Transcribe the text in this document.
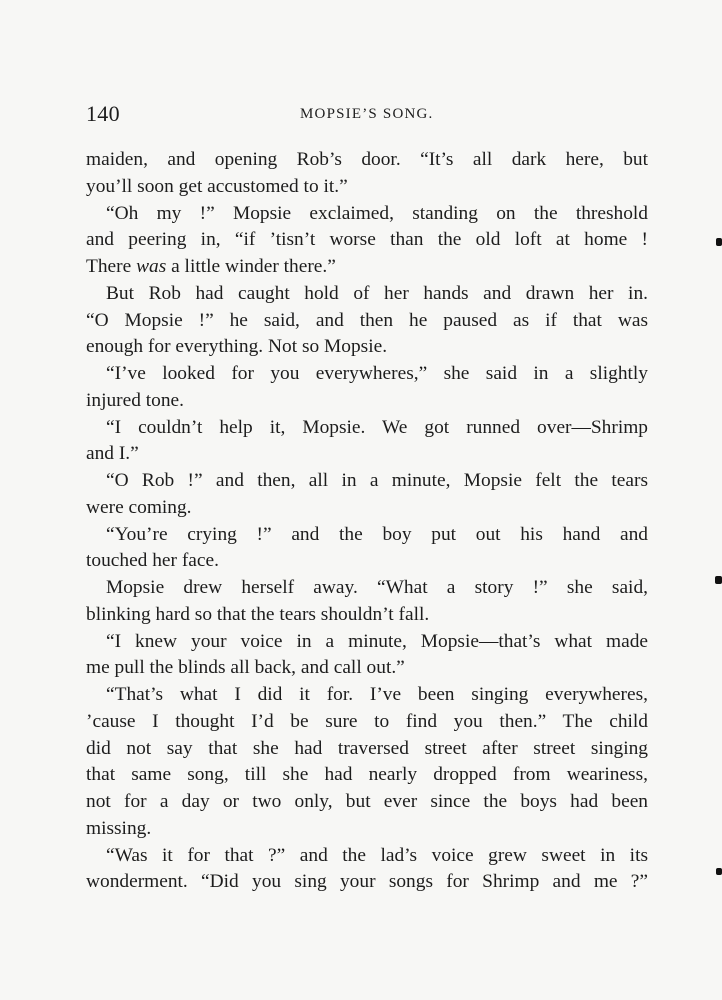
140	MOPSIE’S SONG.
maiden, and opening Rob’s door. “It’s all dark here, but
you’ll soon get accustomed to it.”
“Oh my !” Mopsie exclaimed, standing on the threshold
and peering in, “if ’tisn’t worse than the old loft at home !
There was a little winder there.”
But Rob had caught hold of her hands and drawn her in.
“O Mopsie !” he said, and then he paused as if that was
enough for everything. Not so Mopsie.
“I’ve looked for you everywheres,” she said in a slightly
injured tone.
“I couldn’t help it, Mopsie. We got runned over—Shrimp
and I.”
“O Rob !” and then, all in a minute, Mopsie felt the tears
were coming.
“You’re crying !” and the boy put out his hand and
touched her face.
Mopsie drew herself away. “What a story !” she said,
blinking hard so that the tears shouldn’t fall.
“I knew your voice in a minute, Mopsie—that’s what made
me pull the blinds all back, and call out.”
“That’s what I did it for. I’ve been singing everywheres,
’cause I thought I’d be sure to find you then.” The child
did not say that she had traversed street after street singing
that same song, till she had nearly dropped from weariness,
not for a day or two only, but ever since the boys had been
missing.
“Was it for that ?” and the lad’s voice grew sweet in its
wonderment. “Did you sing your songs for Shrimp and me ?”
